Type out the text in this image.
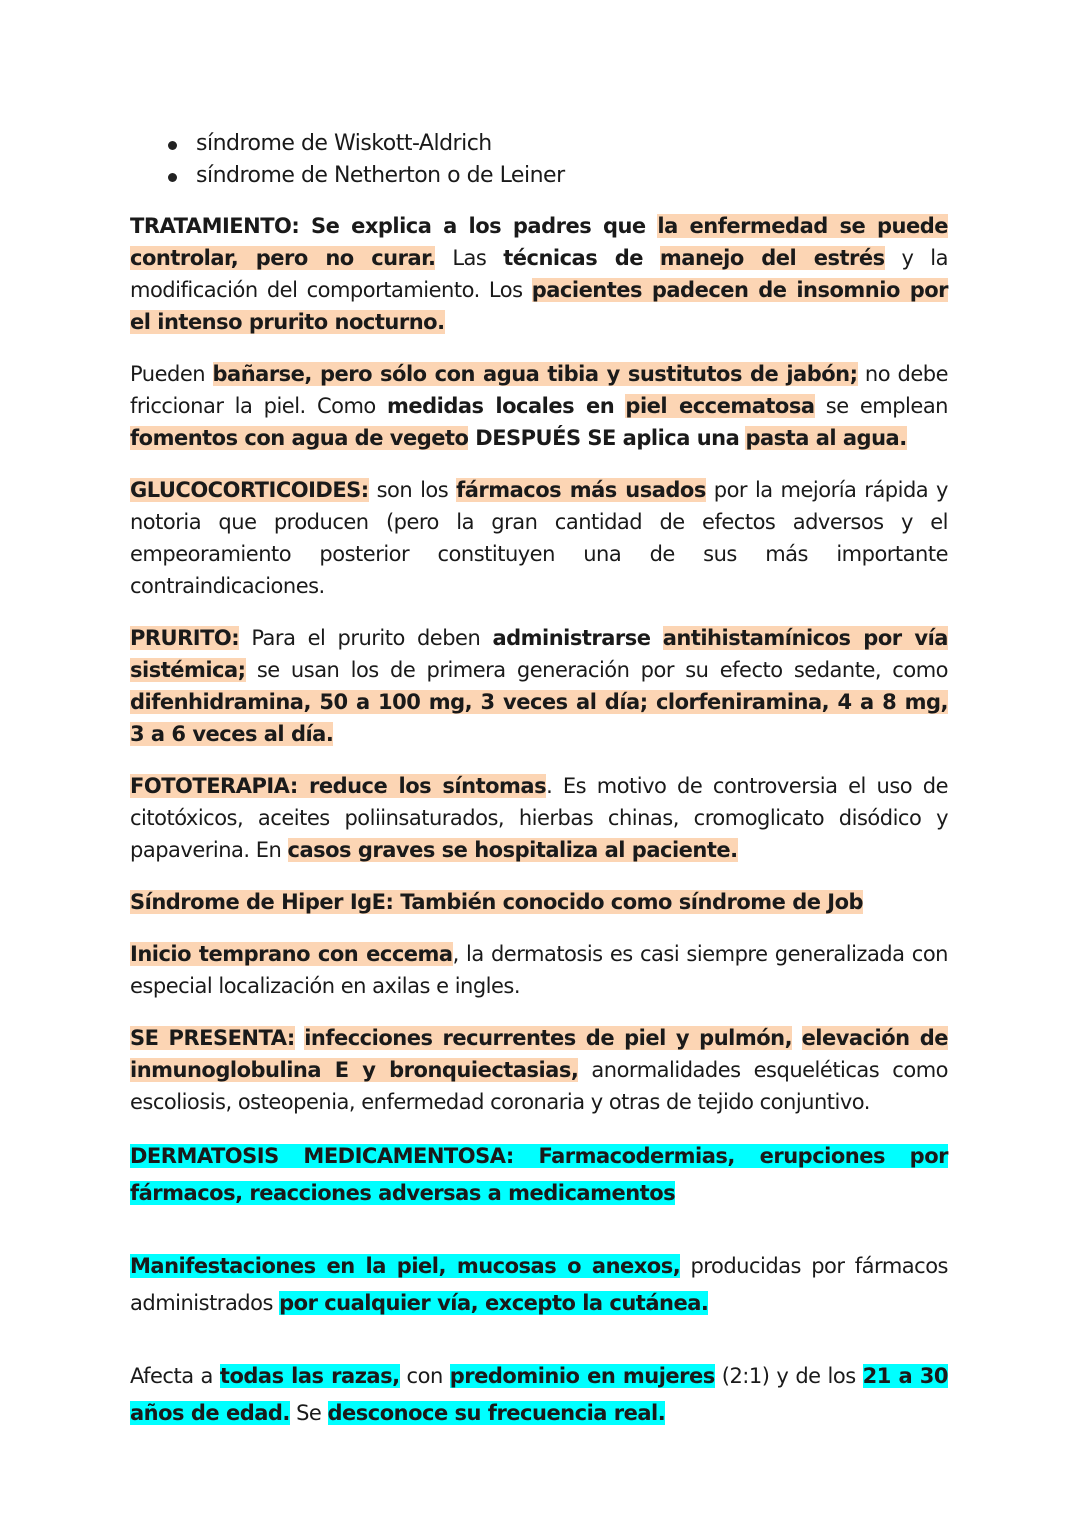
síndrome de Wiskott-Aldrich
síndrome de Netherton o de Leiner

TRATAMIENTO: Se explica a los padres que la enfermedad se puede controlar, pero no curar. Las técnicas de manejo del estrés y la modificación del comportamiento. Los pacientes padecen de insomnio por el intenso prurito nocturno.

Pueden bañarse, pero sólo con agua tibia y sustitutos de jabón; no debe friccionar la piel. Como medidas locales en piel eccematosa se emplean fomentos con agua de vegeto DESPUÉS SE aplica una pasta al agua.

GLUCOCORTICOIDES: son los fármacos más usados por la mejoría rápida y notoria que producen (pero la gran cantidad de efectos adversos y el empeoramiento posterior constituyen una de sus más importante contraindicaciones.

PRURITO: Para el prurito deben administrarse antihistamínicos por vía sistémica; se usan los de primera generación por su efecto sedante, como difenhidramina, 50 a 100 mg, 3 veces al día; clorfeniramina, 4 a 8 mg, 3 a 6 veces al día.

FOTOTERAPIA: reduce los síntomas. Es motivo de controversia el uso de citotóxicos, aceites poliinsaturados, hierbas chinas, cromoglicato disódico y papaverina. En casos graves se hospitaliza al paciente.

Síndrome de Hiper IgE: También conocido como síndrome de Job

Inicio temprano con eccema, la dermatosis es casi siempre generalizada con especial localización en axilas e ingles.

SE PRESENTA: infecciones recurrentes de piel y pulmón, elevación de inmunoglobulina E y bronquiectasias, anormalidades esqueléticas como escoliosis, osteopenia, enfermedad coronaria y otras de tejido conjuntivo.

DERMATOSIS MEDICAMENTOSA: Farmacodermias, erupciones por fármacos, reacciones adversas a medicamentos

Manifestaciones en la piel, mucosas o anexos, producidas por fármacos administrados por cualquier vía, excepto la cutánea.

Afecta a todas las razas, con predominio en mujeres (2:1) y de los 21 a 30 años de edad. Se desconoce su frecuencia real.
